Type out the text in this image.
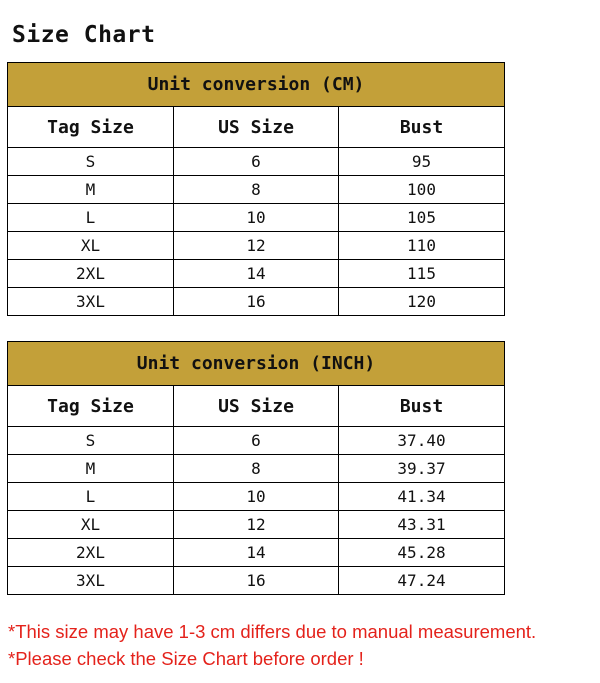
Size Chart
Unit conversion (CM)		
Tag Size	US Size	Bust
S	6	95
M	8	100
L	10	105
XL	12	110
2XL	14	115
3XL	16	120
Unit conversion (INCH)		
Tag Size	US Size	Bust
S	6	37.40
M	8	39.37
L	10	41.34
XL	12	43.31
2XL	14	45.28
3XL	16	47.24
*This size may have 1-3 cm differs due to manual measurement.
*Please check the Size Chart before order !
